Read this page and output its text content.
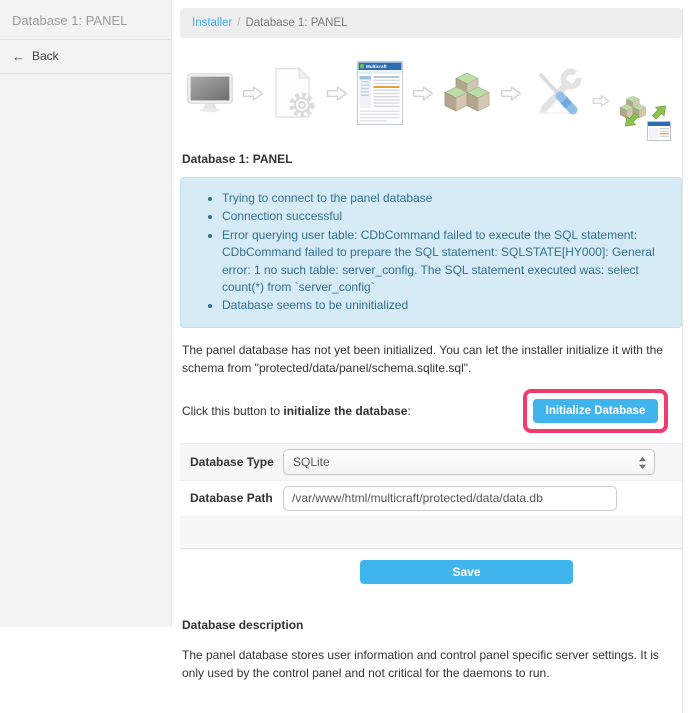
Database 1: PANEL
← Back
Installer / Database 1: PANEL
Multicraft
Database 1: PANEL
• Trying to connect to the panel database
• Connection successful
• Error querying user table: CDbCommand failed to execute the SQL statement: CDbCommand failed to prepare the SQL statement: SQLSTATE[HY000]: General error: 1 no such table: server_config. The SQL statement executed was: select count(*) from `server_config`
• Database seems to be uninitialized

The panel database has not yet been initialized. You can let the installer initialize it with the schema from "protected/data/panel/schema.sqlite.sql".

Click this button to initialize the database:	Initialize Database
Database Type	SQLite
Database Path
/var/www/html/multicraft/protected/data/data.db
Save
Database description

The panel database stores user information and control panel specific server settings. It is only used by the control panel and not critical for the daemons to run.
